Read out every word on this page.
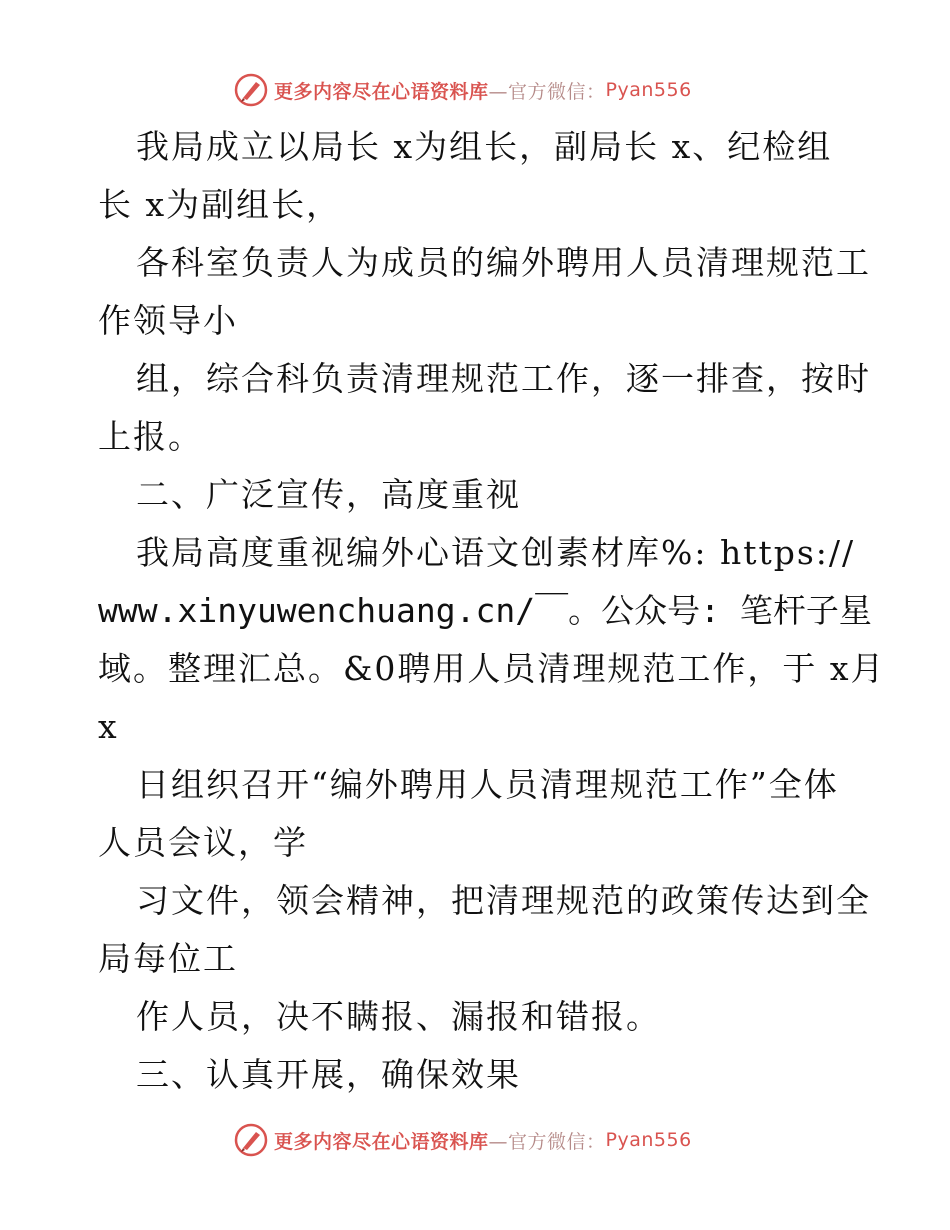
更多内容尽在心语资料库 —官方微信： Pyan556
我局成立以局长 x为组长，副局长 x、纪检组
长 x为副组长，
各科室负责人为成员的编外聘用人员清理规范工
作领导小
组，综合科负责清理规范工作，逐一排查，按时
上报。
二、广泛宣传，高度重视
我局高度重视编外心语文创素材库%: https://
www.xinyuwenchuang.cn/￣。公众号: 笔杆子星
域。整理汇总。&0聘用人员清理规范工作，于 x月
x
日组织召开“编外聘用人员清理规范工作”全体
人员会议，学
习文件，领会精神，把清理规范的政策传达到全
局每位工
作人员，决不瞒报、漏报和错报。
三、认真开展，确保效果
更多内容尽在心语资料库 —官方微信： Pyan556
